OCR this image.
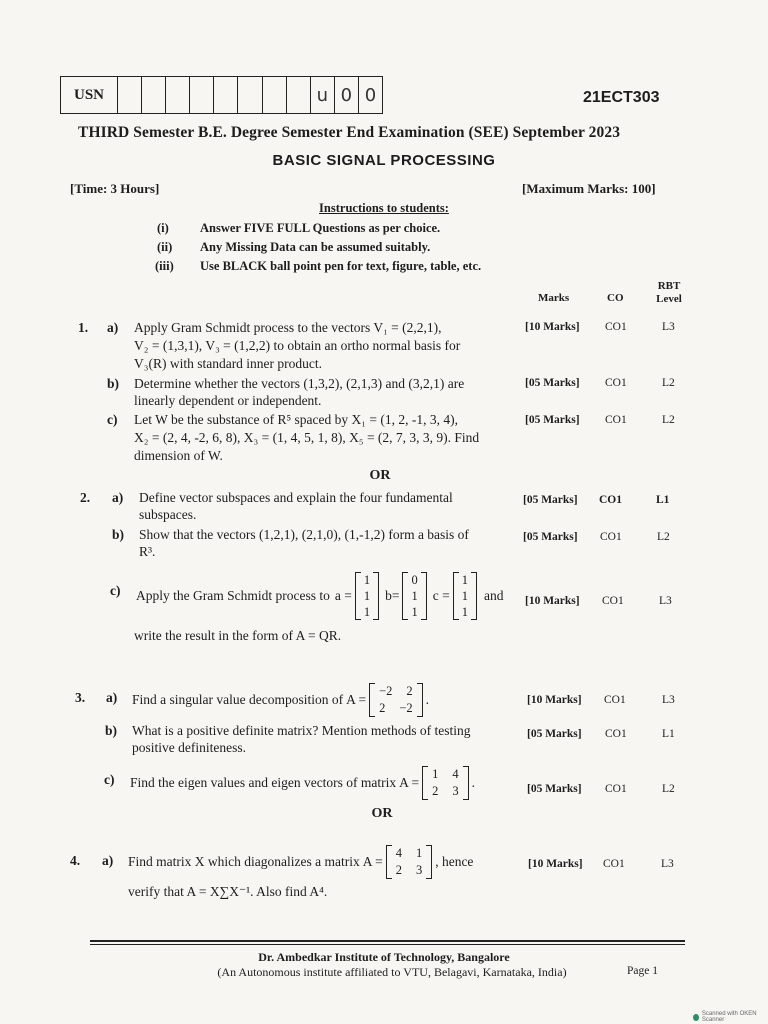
USN	u 0 0	21ECT303
THIRD Semester B.E. Degree Semester End Examination (SEE) September 2023
BASIC SIGNAL PROCESSING
[Time: 3 Hours]	[Maximum Marks: 100]
Instructions to students:
(i) Answer FIVE FULL Questions as per choice.
(ii) Any Missing Data can be assumed suitably.
(iii) Use BLACK ball point pen for text, figure, table, etc.
Marks	CO
RBT
Level
1. a) Apply Gram Schmidt process to the vectors V₁ = (2,2,1),
V₂ = (1,3,1), V₃ = (1,2,2) to obtain an ortho normal basis for
V₃(R) with standard inner product.
[10 Marks] CO1	L3
b) Determine whether the vectors (1,3,2), (2,1,3) and (3,2,1) are
linearly dependent or independent.
[05 Marks] CO1	L2
c) Let W be the substance of R⁵ spaced by X₁ = (1, 2, -1, 3, 4),
X₂ = (2, 4, -2, 6, 8), X₃ = (1, 4, 5, 1, 8), X₅ = (2, 7, 3, 3, 9). Find
dimension of W.
[05 Marks] CO1	L2
OR
2. a) Define vector subspaces and explain the four fundamental
subspaces.
[05 Marks] CO1	L1
b) Show that the vectors (1,2,1), (2,1,0), (1,-1,2) form a basis of
R³.
[05 Marks] CO1	L2
c) Apply the Gram Schmidt process to a =
1
1
1
b=
0
1
1
c =
1
1
1
and
write the result in the form of A = QR.
[10 Marks] CO1	L3
3. a) Find a singular value decomposition of A =
−2 2
2 −2
.	[10 Marks] CO1	L3
b) What is a positive definite matrix? Mention methods of testing
positive definiteness.
[05 Marks] CO1	L1
c) Find the eigen values and eigen vectors of matrix A =
1 4
2 3
.	[05 Marks] CO1	L2
OR
4. a) Find matrix X which diagonalizes a matrix A =
4 1
2 3
, hence
verify that A = X∑X⁻¹. Also find A⁴.
[10 Marks] CO1	L3
Dr. Ambedkar Institute of Technology, Bangalore
(An Autonomous institute affiliated to VTU, Belagavi, Karnataka, India)	Page 1
Scanned with OKEN Scanner
